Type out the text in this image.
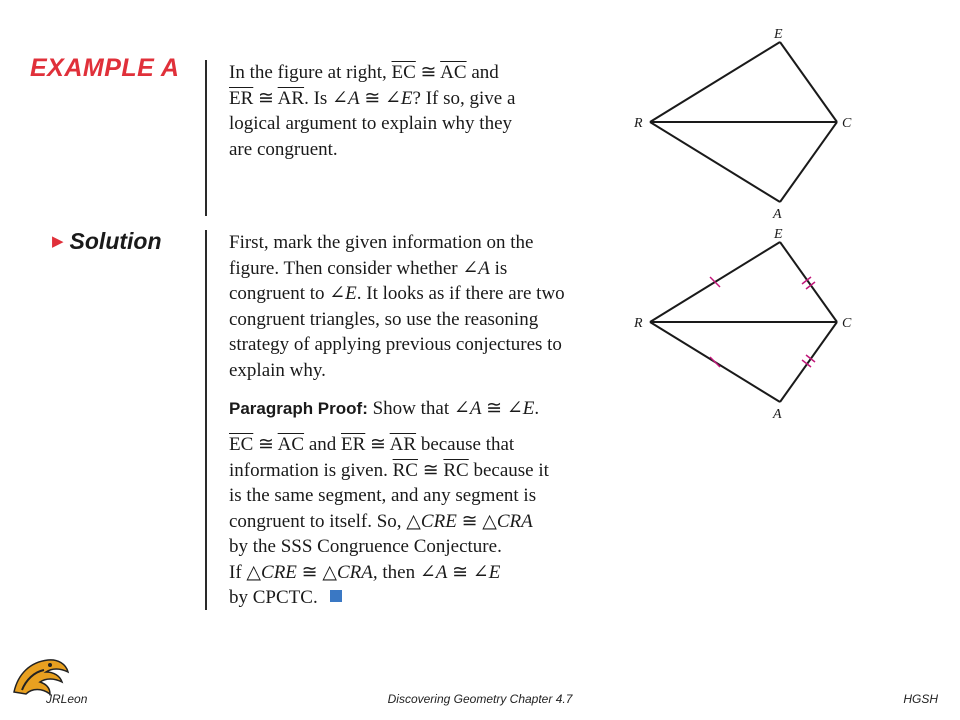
EXAMPLE A	In the figure at right, $\overline{EC}$ ≅ $\overline{AC}$ and
$\overline{ER}$ ≅ $\overline{AR}$. Is ∠A ≅ ∠E? If so, give a
logical argument to explain why they
are congruent.
E
R	C
A
▶ Solution	First, mark the given information on the
figure. Then consider whether ∠A is
congruent to ∠E. It looks as if there are two
congruent triangles, so use the reasoning
strategy of applying previous conjectures to
explain why.
Paragraph Proof: Show that ∠A ≅ ∠E.
$\overline{EC}$ ≅ $\overline{AC}$ and $\overline{ER}$ ≅ $\overline{AR}$ because that
information is given. $\overline{RC}$ ≅ $\overline{RC}$ because it
is the same segment, and any segment is
congruent to itself. So, △CRE ≅ △CRA
by the SSS Congruence Conjecture.
If △CRE ≅ △CRA, then ∠A ≅ ∠E
by CPCTC.
E
R	C
A
JRLeon	Discovering Geometry Chapter 4.7	HGSH
